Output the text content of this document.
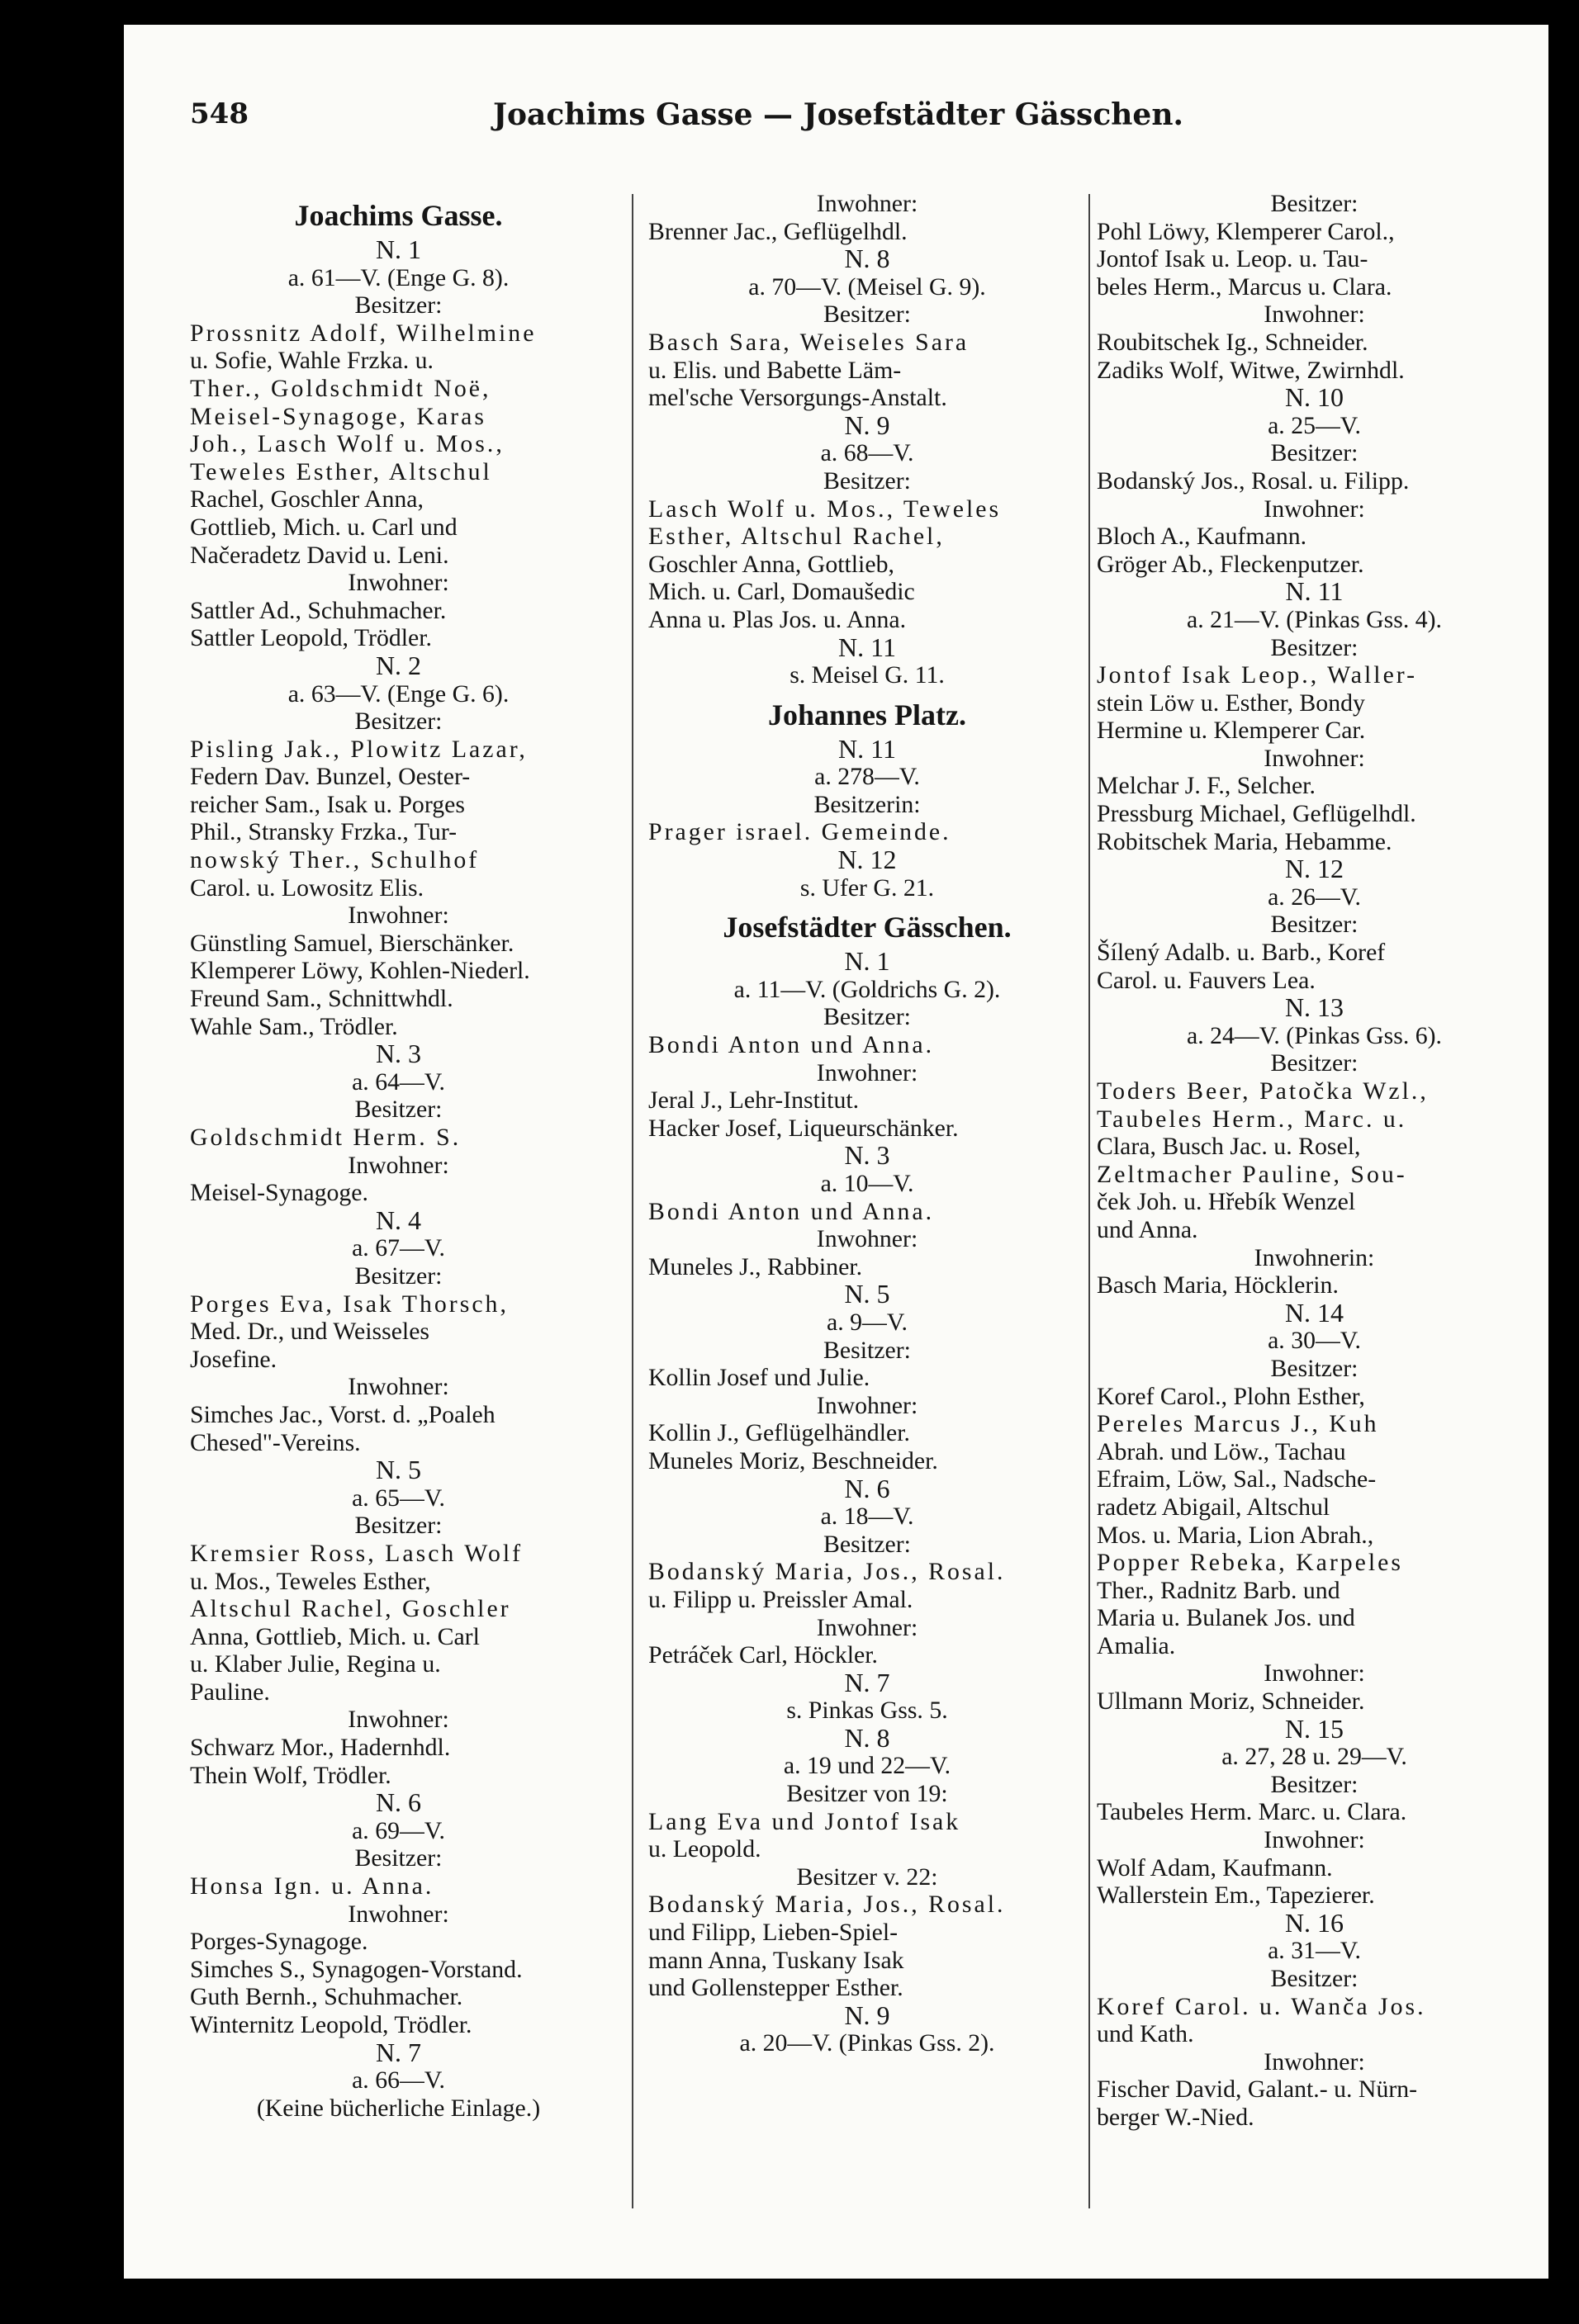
548	Joachims Gasse — Josefstädter Gässchen.
Joachims Gasse.
N. 1
a. 61—V. (Enge G. 8).
Besitzer:
Prossnitz Adolf, Wilhelmine
u. Sofie, Wahle Frzka. u.
Ther., Goldschmidt Noë,
Meisel-Synagoge, Karas
Joh., Lasch Wolf u. Mos.,
Teweles Esther, Altschul
Rachel, Goschler Anna,
Gottlieb, Mich. u. Carl und
Načeradetz David u. Leni.
Inwohner:
Sattler Ad., Schuhmacher.
Sattler Leopold, Trödler.
N. 2
a. 63—V. (Enge G. 6).
Besitzer:
Pisling Jak., Plowitz Lazar,
Federn Dav. Bunzel, Oester-
reicher Sam., Isak u. Porges
Phil., Stransky Frzka., Tur-
nowský Ther., Schulhof
Carol. u. Lowositz Elis.
Inwohner:
Günstling Samuel, Bierschänker.
Klemperer Löwy, Kohlen-Niederl.
Freund Sam., Schnittwhdl.
Wahle Sam., Trödler.
N. 3
a. 64—V.
Besitzer:
Goldschmidt Herm. S.
Inwohner:
Meisel-Synagoge.
N. 4
a. 67—V.
Besitzer:
Porges Eva, Isak Thorsch,
Med. Dr., und Weisseles
Josefine.
Inwohner:
Simches Jac., Vorst. d. „Poaleh
Chesed"-Vereins.
N. 5
a. 65—V.
Besitzer:
Kremsier Ross, Lasch Wolf
u. Mos., Teweles Esther,
Altschul Rachel, Goschler
Anna, Gottlieb, Mich. u. Carl
u. Klaber Julie, Regina u.
Pauline.
Inwohner:
Schwarz Mor., Hadernhdl.
Thein Wolf, Trödler.
N. 6
a. 69—V.
Besitzer:
Honsa Ign. u. Anna.
Inwohner:
Porges-Synagoge.
Simches S., Synagogen-Vorstand.
Guth Bernh., Schuhmacher.
Winternitz Leopold, Trödler.
N. 7
a. 66—V.
(Keine bücherliche Einlage.)
Inwohner:
Brenner Jac., Geflügelhdl.
N. 8
a. 70—V. (Meisel G. 9).
Besitzer:
Basch Sara, Weiseles Sara
u. Elis. und Babette Läm-
mel'sche Versorgungs-Anstalt.
N. 9
a. 68—V.
Besitzer:
Lasch Wolf u. Mos., Teweles
Esther, Altschul Rachel,
Goschler Anna, Gottlieb,
Mich. u. Carl, Domaušedic
Anna u. Plas Jos. u. Anna.
N. 11
s. Meisel G. 11.
Johannes Platz.
N. 11
a. 278—V.
Besitzerin:
Prager israel. Gemeinde.
N. 12
s. Ufer G. 21.
Josefstädter Gässchen.
N. 1
a. 11—V. (Goldrichs G. 2).
Besitzer:
Bondi Anton und Anna.
Inwohner:
Jeral J., Lehr-Institut.
Hacker Josef, Liqueurschänker.
N. 3
a. 10—V.
Bondi Anton und Anna.
Inwohner:
Muneles J., Rabbiner.
N. 5
a. 9—V.
Besitzer:
Kollin Josef und Julie.
Inwohner:
Kollin J., Geflügelhändler.
Muneles Moriz, Beschneider.
N. 6
a. 18—V.
Besitzer:
Bodanský Maria, Jos., Rosal.
u. Filipp u. Preissler Amal.
Inwohner:
Petráček Carl, Höckler.
N. 7
s. Pinkas Gss. 5.
N. 8
a. 19 und 22—V.
Besitzer von 19:
Lang Eva und Jontof Isak
u. Leopold.
Besitzer v. 22:
Bodanský Maria, Jos., Rosal.
und Filipp, Lieben-Spiel-
mann Anna, Tuskany Isak
und Gollenstepper Esther.
N. 9
a. 20—V. (Pinkas Gss. 2).
Besitzer:
Pohl Löwy, Klemperer Carol.,
Jontof Isak u. Leop. u. Tau-
beles Herm., Marcus u. Clara.
Inwohner:
Roubitschek Ig., Schneider.
Zadiks Wolf, Witwe, Zwirnhdl.
N. 10
a. 25—V.
Besitzer:
Bodanský Jos., Rosal. u. Filipp.
Inwohner:
Bloch A., Kaufmann.
Gröger Ab., Fleckenputzer.
N. 11
a. 21—V. (Pinkas Gss. 4).
Besitzer:
Jontof Isak Leop., Waller-
stein Löw u. Esther, Bondy
Hermine u. Klemperer Car.
Inwohner:
Melchar J. F., Selcher.
Pressburg Michael, Geflügelhdl.
Robitschek Maria, Hebamme.
N. 12
a. 26—V.
Besitzer:
Šílený Adalb. u. Barb., Koref
Carol. u. Fauvers Lea.
N. 13
a. 24—V. (Pinkas Gss. 6).
Besitzer:
Toders Beer, Patočka Wzl.,
Taubeles Herm., Marc. u.
Clara, Busch Jac. u. Rosel,
Zeltmacher Pauline, Sou-
ček Joh. u. Hřebík Wenzel
und Anna.
Inwohnerin:
Basch Maria, Höcklerin.
N. 14
a. 30—V.
Besitzer:
Koref Carol., Plohn Esther,
Pereles Marcus J., Kuh
Abrah. und Löw., Tachau
Efraim, Löw, Sal., Nadsche-
radetz Abigail, Altschul
Mos. u. Maria, Lion Abrah.,
Popper Rebeka, Karpeles
Ther., Radnitz Barb. und
Maria u. Bulanek Jos. und
Amalia.
Inwohner:
Ullmann Moriz, Schneider.
N. 15
a. 27, 28 u. 29—V.
Besitzer:
Taubeles Herm. Marc. u. Clara.
Inwohner:
Wolf Adam, Kaufmann.
Wallerstein Em., Tapezierer.
N. 16
a. 31—V.
Besitzer:
Koref Carol. u. Wanča Jos.
und Kath.
Inwohner:
Fischer David, Galant.- u. Nürn-
berger W.-Nied.
